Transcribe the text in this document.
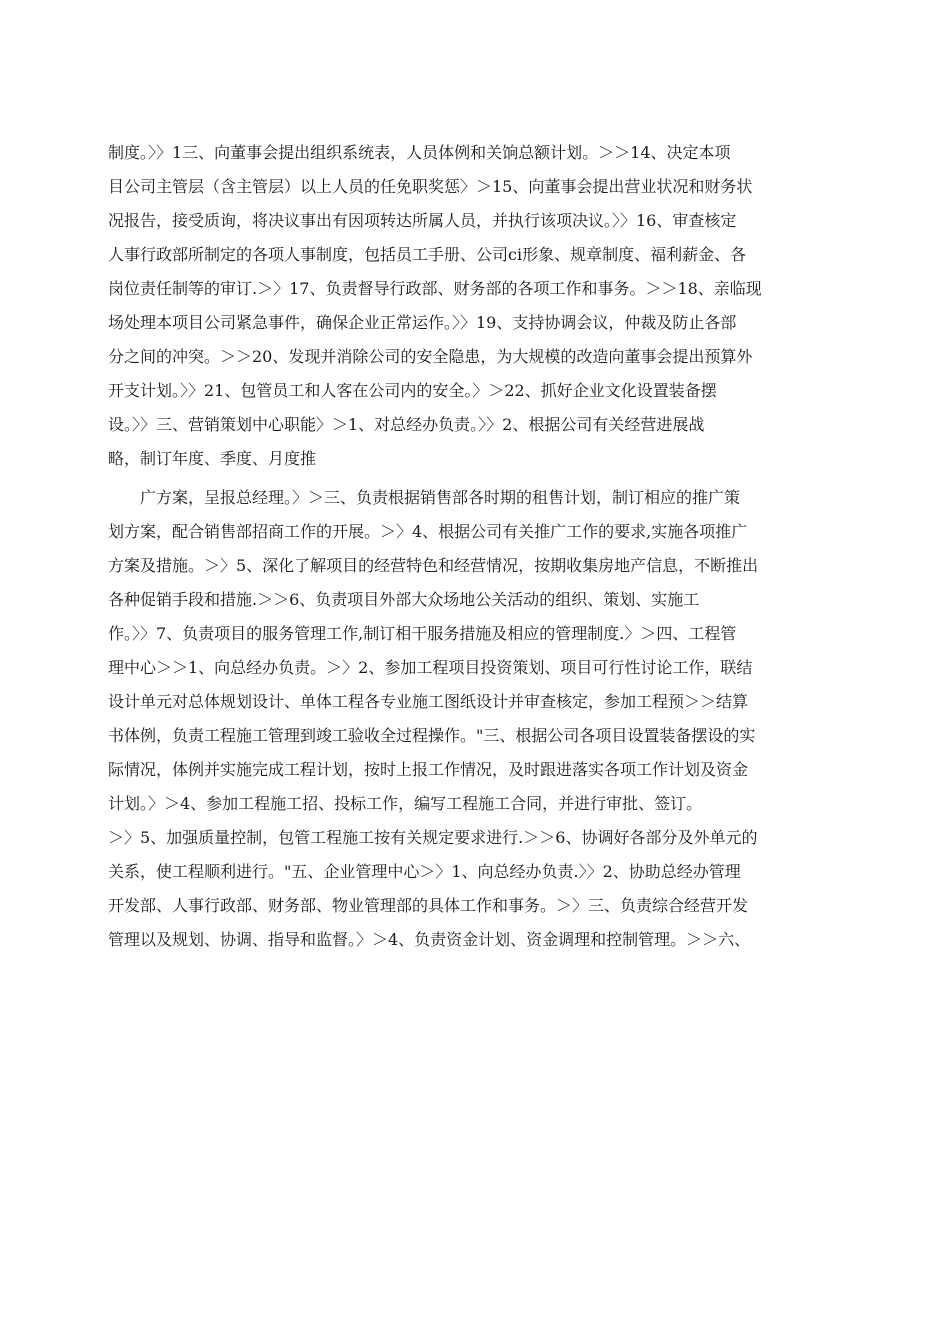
制度。〉〉1三、向董事会提出组织系统表，人员体例和关饷总额计划。＞＞14、决定本项
目公司主管层（含主管层）以上人员的任免职奖惩〉＞15、向董事会提出营业状况和财务状
况报告，接受质询，将决议事出有因项转达所属人员，并执行该项决议。〉〉16、审查核定
人事行政部所制定的各项人事制度，包括员工手册、公司ci形象、规章制度、福利薪金、各
岗位责任制等的审订.＞〉17、负责督导行政部、财务部的各项工作和事务。＞＞18、亲临现
场处理本项目公司紧急事件，确保企业正常运作。〉〉19、支持协调会议，仲裁及防止各部
分之间的冲突。＞＞20、发现并消除公司的安全隐患，为大规模的改造向董事会提出预算外
开支计划。〉〉21、包管员工和人客在公司内的安全。〉＞22、抓好企业文化设置装备摆
设。〉〉三、营销策划中心职能〉＞1、对总经办负责。〉〉2、根据公司有关经营进展战
略，制订年度、季度、月度推
广方案，呈报总经理。〉＞三、负责根据销售部各时期的租售计划，制订相应的推广策
划方案，配合销售部招商工作的开展。＞〉4、根据公司有关推广工作的要求,实施各项推广
方案及措施。＞〉5、深化了解项目的经营特色和经营情况，按期收集房地产信息，不断推出
各种促销手段和措施.＞＞6、负责项目外部大众场地公关活动的组织、策划、实施工
作。〉〉7、负责项目的服务管理工作,制订相干服务措施及相应的管理制度.〉＞四、工程管
理中心＞＞1、向总经办负责。＞〉2、参加工程项目投资策划、项目可行性讨论工作，联结
设计单元对总体规划设计、单体工程各专业施工图纸设计并审查核定，参加工程预＞＞结算
书体例，负责工程施工管理到竣工验收全过程操作。"三、根据公司各项目设置装备摆设的实
际情况，体例并实施完成工程计划，按时上报工作情况，及时跟进落实各项工作计划及资金
计划。〉＞4、参加工程施工招、投标工作，编写工程施工合同，并进行审批、签订。
＞〉5、加强质量控制，包管工程施工按有关规定要求进行.＞＞6、协调好各部分及外单元的
关系，使工程顺利进行。"五、企业管理中心＞〉1、向总经办负责.〉〉2、协助总经办管理
开发部、人事行政部、财务部、物业管理部的具体工作和事务。＞〉三、负责综合经营开发
管理以及规划、协调、指导和监督。〉＞4、负责资金计划、资金调理和控制管理。＞＞六、
